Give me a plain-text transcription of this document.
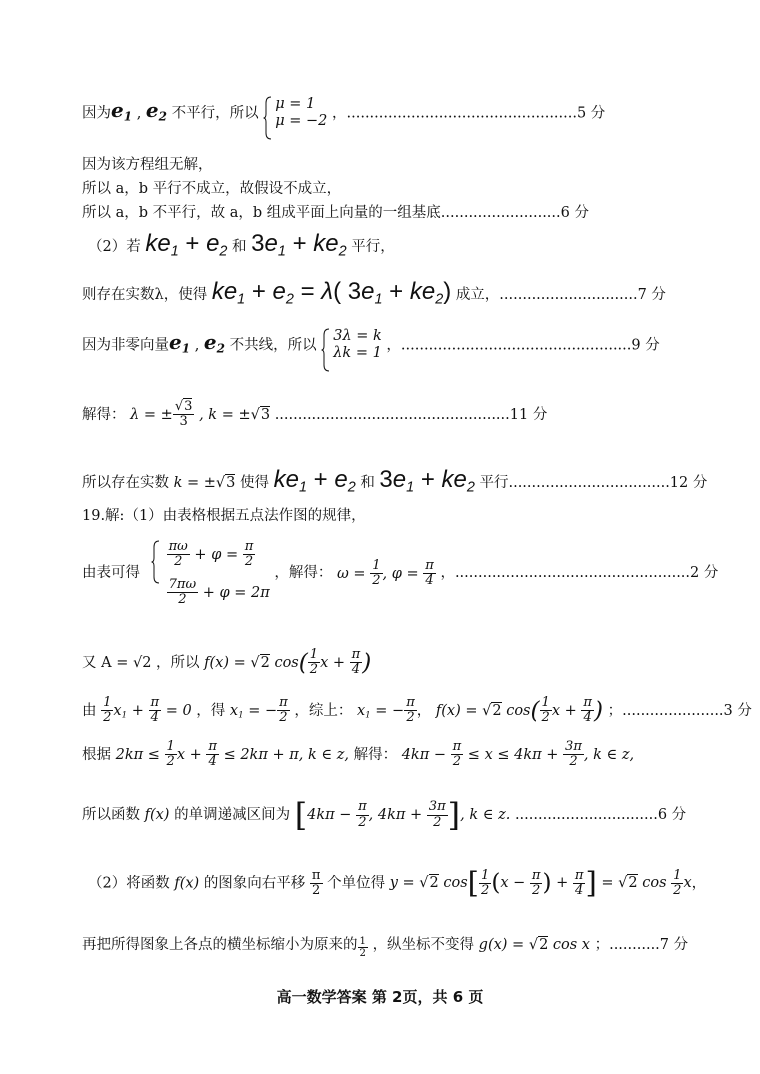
因为$e_1$ , $e_2$ 不平行，所以
μ = 1
μ = −2 ，..................................................5 分
因为该方程组无解，
所以 a，b 平行不成立，故假设不成立，
所以 a，b 不平行，故 a，b 组成平面上向量的一组基底..........................6 分
（2）若 $ke_1 + e_2$ 和 $3e_1 + ke_2$ 平行，
则存在实数λ，使得 $ke_1 + e_2 = \lambda$( $3e_1 + ke_2$) 成立，..............................7 分
因为非零向量$e_1$ , $e_2$ 不共线，所以
3λ = k
λk = 1 ，..................................................9 分
解得： λ = ± $\frac{√3}{3}$ , k = ±√3 ...................................................11 分
所以存在实数 k = ±√3 使得 $ke_1 + e_2$ 和 $3e_1 + ke_2$ 平行...................................12 分
19.解:（1）由表格根据五点法作图的规律，
由表可得
$\frac{\pi\omega}{2} + \varphi = \frac{\pi}{2}$
$\frac{7\pi\omega}{2} + \varphi = 2\pi$
，解得： $\omega = \frac{1}{2}$ , $\varphi = \frac{\pi}{4}$ ，...................................................2 分
又 A = √2 ，所以 f(x) = √2 $\cos( \frac{1}{2}$ $x + \frac{\pi}{4}$ )
由 $\frac{1}{2} x_1 + \frac{\pi}{4} = 0$ ，得 $x_1$ = − $\frac{\pi}{2}$ ，综上： $x_1$ = − $\frac{\pi}{2}$ ， f(x) = √2 $\cos( \frac{1}{2}$ $x + \frac{\pi}{4}$ ) ；......................3 分
根据 $2k\pi \le \frac{1}{2}$ $x + \frac{\pi}{4} \le 2k\pi + \pi$, k ∈ z, 解得： $4k\pi - \frac{\pi}{2} \le x \le 4k\pi + \frac{3\pi}{2}$ , k ∈ z,
所以函数 f(x) 的单调递减区间为 [$4k\pi - \frac{\pi}{2}$ , $4k\pi + \frac{3\pi}{2}$ ], k ∈ z. ...............................6 分
（2）将函数 f(x) 的图象向右平移 $\frac{\pi}{2}$ 个单位得 y = √2 $\cos[ \frac{1}{2} (x - \frac{\pi}{2}$ ) + $\frac{\pi}{4}$ ] = √2 $\cos \frac{1}{2}$ x，
再把所得图象上各点的横坐标缩小为原来的 $\frac{1}{2}$ ，纵坐标不变得 g(x) = √2 cos x ；...........7 分
高一数学答案 第 2页，共 6 页
